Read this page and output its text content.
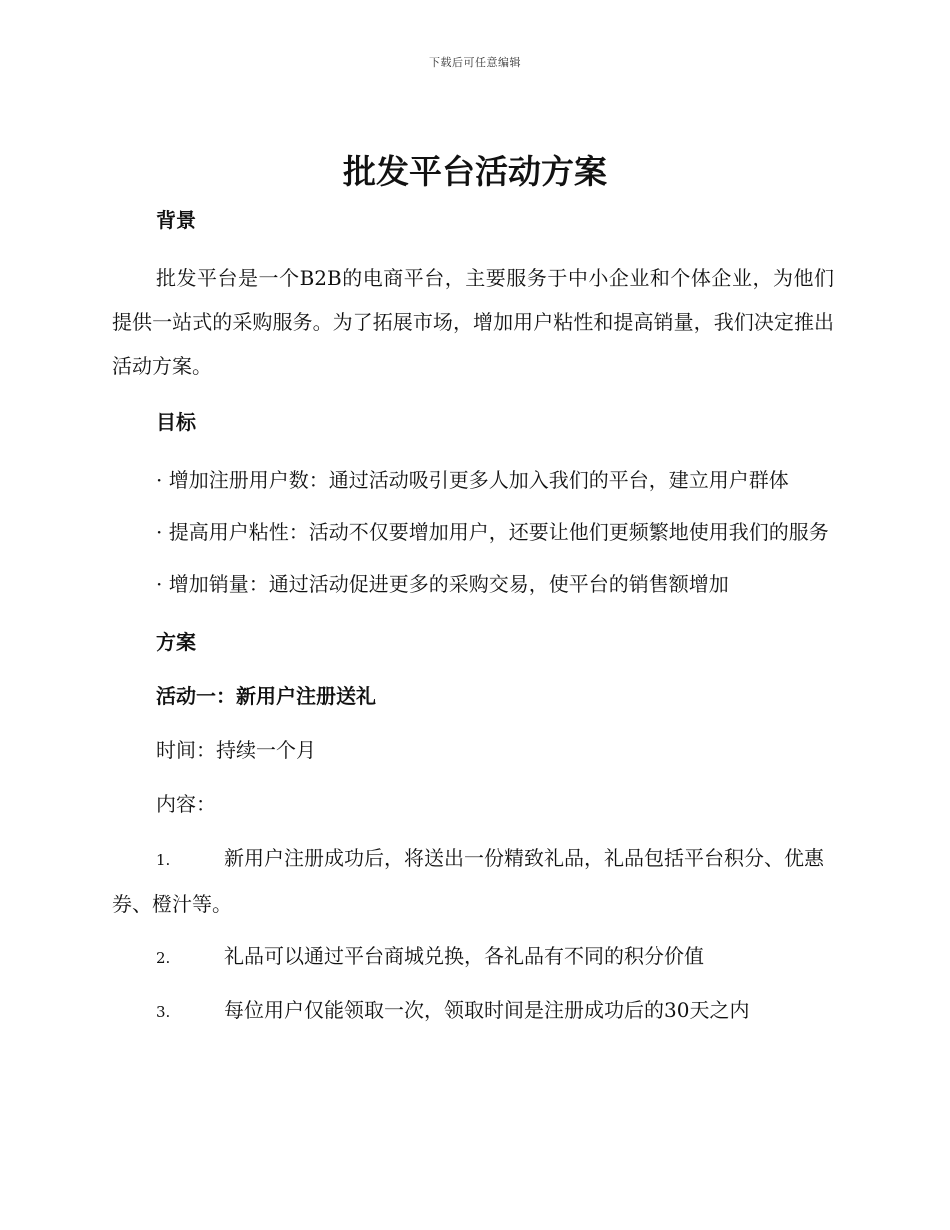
下载后可任意编辑
批发平台活动方案
背景

批发平台是一个B2B的电商平台，主要服务于中小企业和个体企业，为他们提供一站式的采购服务。为了拓展市场，增加用户粘性和提高销量，我们决定推出活动方案。

目标

· 增加注册用户数：通过活动吸引更多人加入我们的平台，建立用户群体

· 提高用户粘性：活动不仅要增加用户，还要让他们更频繁地使用我们的服务

· 增加销量：通过活动促进更多的采购交易，使平台的销售额增加

方案
活动一：新用户注册送礼
时间：持续一个月
内容：

1.	新用户注册成功后，将送出一份精致礼品，礼品包括平台积分、优惠券、橙汁等。

2.	礼品可以通过平台商城兑换，各礼品有不同的积分价值

3.	每位用户仅能领取一次，领取时间是注册成功后的30天之内
